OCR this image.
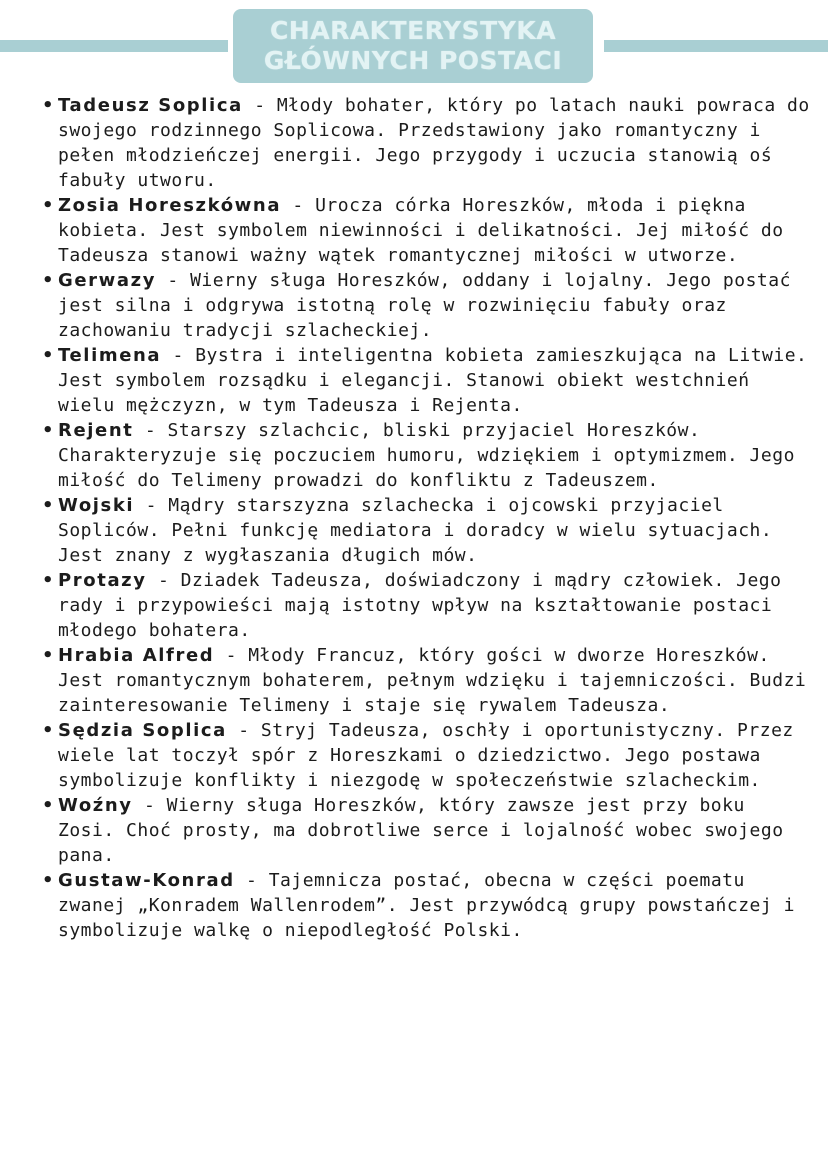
CHARAKTERYSTYKA
GŁÓWNYCH POSTACI
• Tadeusz Soplica - Młody bohater, który po latach nauki powraca do swojego rodzinnego Soplicowa. Przedstawiony jako romantyczny i pełen młodzieńczej energii. Jego przygody i uczucia stanowią oś fabuły utworu.
• Zosia Horeszkówna - Urocza córka Horeszków, młoda i piękna kobieta. Jest symbolem niewinności i delikatności. Jej miłość do Tadeusza stanowi ważny wątek romantycznej miłości w utworze.
• Gerwazy - Wierny sługa Horeszków, oddany i lojalny. Jego postać jest silna i odgrywa istotną rolę w rozwinięciu fabuły oraz zachowaniu tradycji szlacheckiej.
• Telimena - Bystra i inteligentna kobieta zamieszkująca na Litwie. Jest symbolem rozsądku i elegancji. Stanowi obiekt westchnień wielu mężczyzn, w tym Tadeusza i Rejenta.
• Rejent - Starszy szlachcic, bliski przyjaciel Horeszków. Charakteryzuje się poczuciem humoru, wdziękiem i optymizmem. Jego miłość do Telimeny prowadzi do konfliktu z Tadeuszem.
• Wojski - Mądry starszyzna szlachecka i ojcowski przyjaciel Sopliców. Pełni funkcję mediatora i doradcy w wielu sytuacjach. Jest znany z wygłaszania długich mów.
• Protazy - Dziadek Tadeusza, doświadczony i mądry człowiek. Jego rady i przypowieści mają istotny wpływ na kształtowanie postaci młodego bohatera.
• Hrabia Alfred - Młody Francuz, który gości w dworze Horeszków. Jest romantycznym bohaterem, pełnym wdzięku i tajemniczości. Budzi zainteresowanie Telimeny i staje się rywalem Tadeusza.
• Sędzia Soplica - Stryj Tadeusza, oschły i oportunistyczny. Przez wiele lat toczył spór z Horeszkami o dziedzictwo. Jego postawa symbolizuje konflikty i niezgodę w społeczeństwie szlacheckim.
• Woźny - Wierny sługa Horeszków, który zawsze jest przy boku Zosi. Choć prosty, ma dobrotliwe serce i lojalność wobec swojego pana.
• Gustaw-Konrad - Tajemnicza postać, obecna w części poematu zwanej „Konradem Wallenrodem”. Jest przywódcą grupy powstańczej i symbolizuje walkę o niepodległość Polski.
